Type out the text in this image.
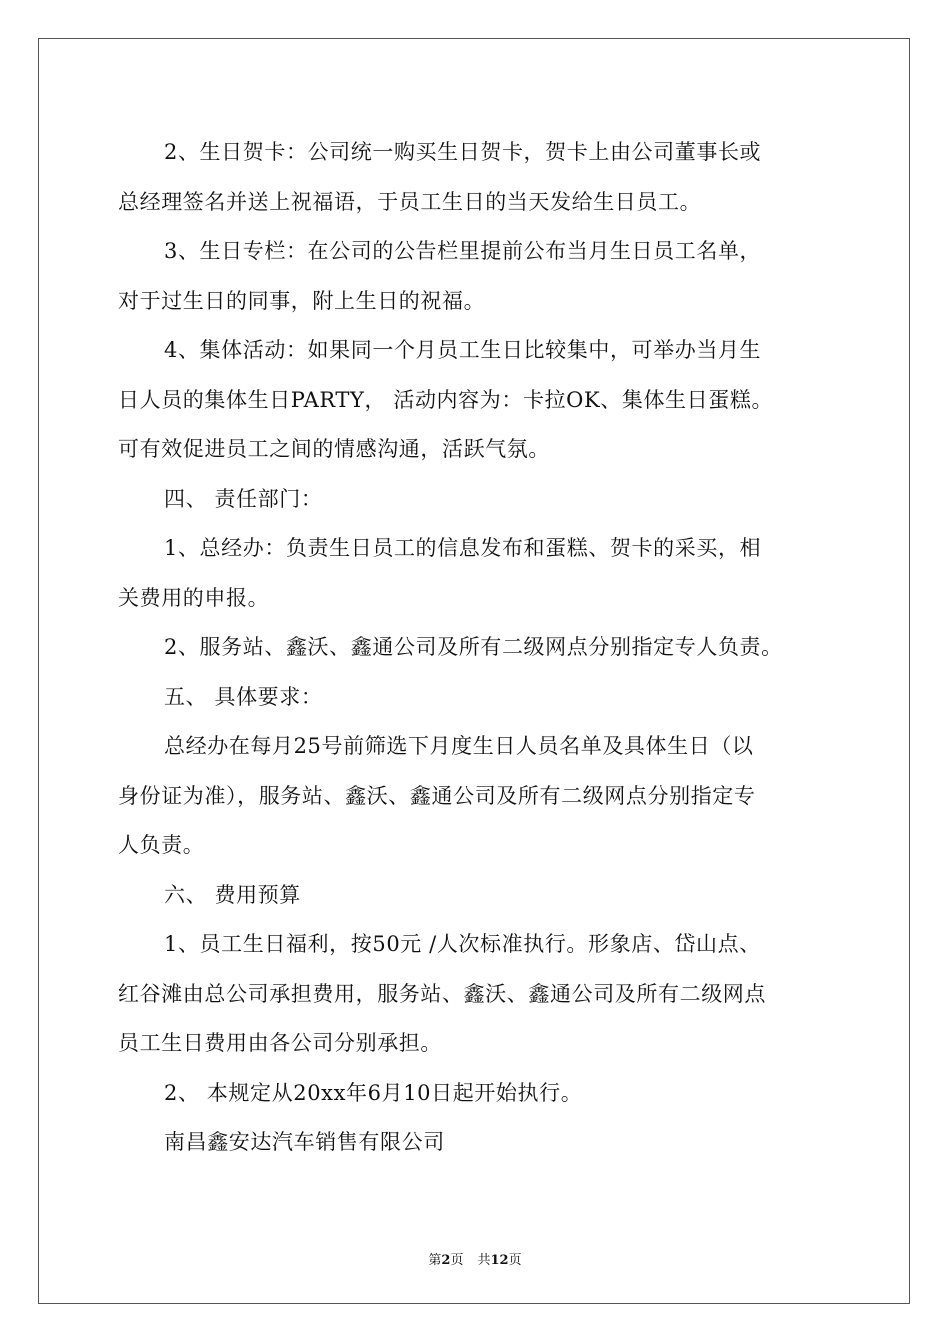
2、生日贺卡：公司统一购买生日贺卡，贺卡上由公司董事长或
总经理签名并送上祝福语，于员工生日的当天发给生日员工。
3、生日专栏：在公司的公告栏里提前公布当月生日员工名单，
对于过生日的同事，附上生日的祝福。
4、集体活动：如果同一个月员工生日比较集中，可举办当月生
日人员的集体生日PARTY， 活动内容为：卡拉OK、集体生日蛋糕。
可有效促进员工之间的情感沟通，活跃气氛。
四、 责任部门：
1、总经办：负责生日员工的信息发布和蛋糕、贺卡的采买，相
关费用的申报。
2、服务站、鑫沃、鑫通公司及所有二级网点分别指定专人负责。
五、 具体要求：
总经办在每月25号前筛选下月度生日人员名单及具体生日（以
身份证为准），服务站、鑫沃、鑫通公司及所有二级网点分别指定专
人负责。
六、 费用预算
1、员工生日福利，按50元 /人次标准执行。形象店、岱山点、
红谷滩由总公司承担费用，服务站、鑫沃、鑫通公司及所有二级网点
员工生日费用由各公司分别承担。
2、 本规定从20xx年6月10日起开始执行。
南昌鑫安达汽车销售有限公司
第2页 共12页
